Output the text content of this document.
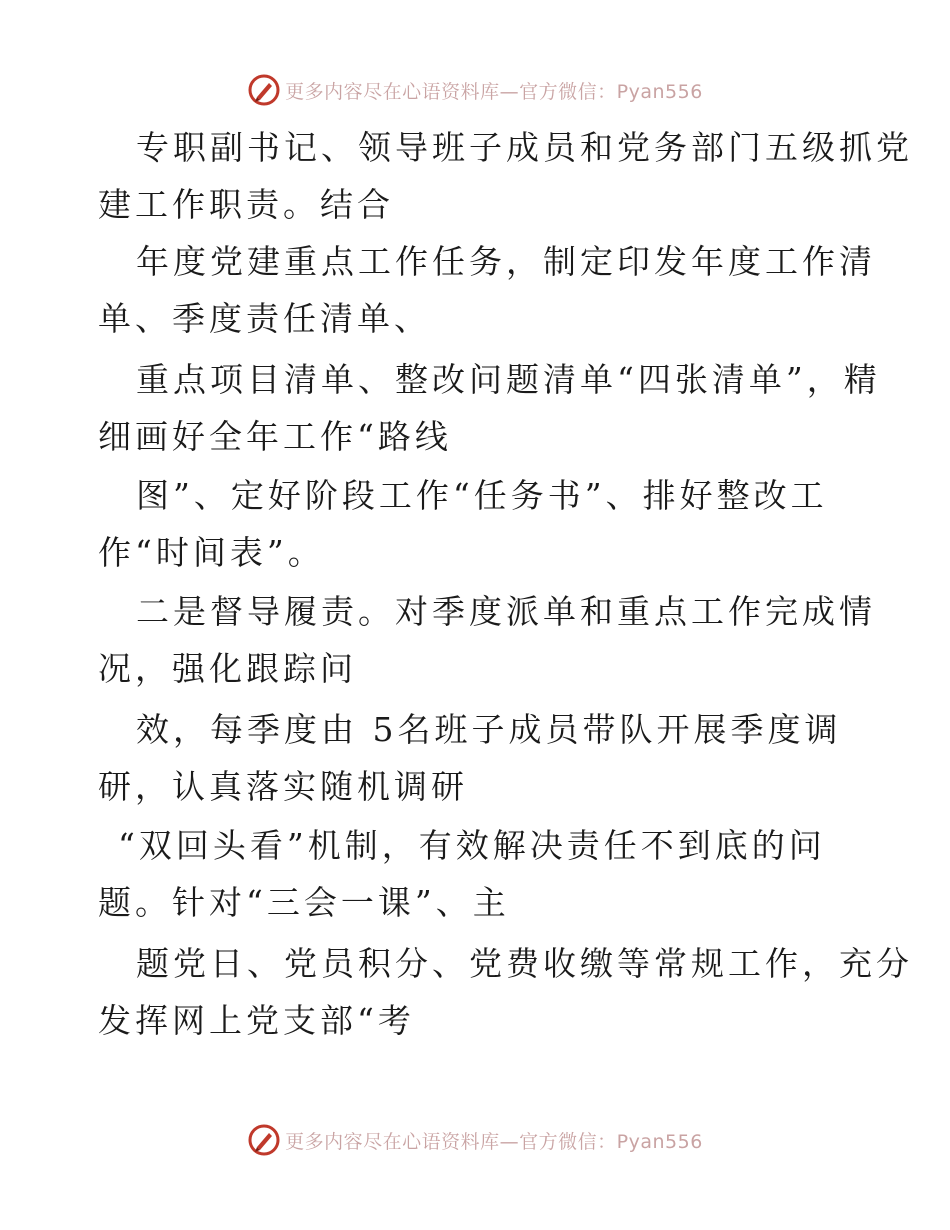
更多内容尽在心语资料库—官方微信：Pyan556
专职副书记、领导班子成员和党务部门五级抓党
建工作职责。结合
年度党建重点工作任务，制定印发年度工作清
单、季度责任清单、
重点项目清单、整改问题清单“四张清单”，精
细画好全年工作“路线
图”、定好阶段工作“任务书”、排好整改工
作“时间表”。
二是督导履责。对季度派单和重点工作完成情
况，强化跟踪问
效，每季度由 5名班子成员带队开展季度调
研，认真落实随机调研
“双回头看”机制，有效解决责任不到底的问
题。针对“三会一课”、主
题党日、党员积分、党费收缴等常规工作，充分
发挥网上党支部“考
更多内容尽在心语资料库—官方微信：Pyan556
